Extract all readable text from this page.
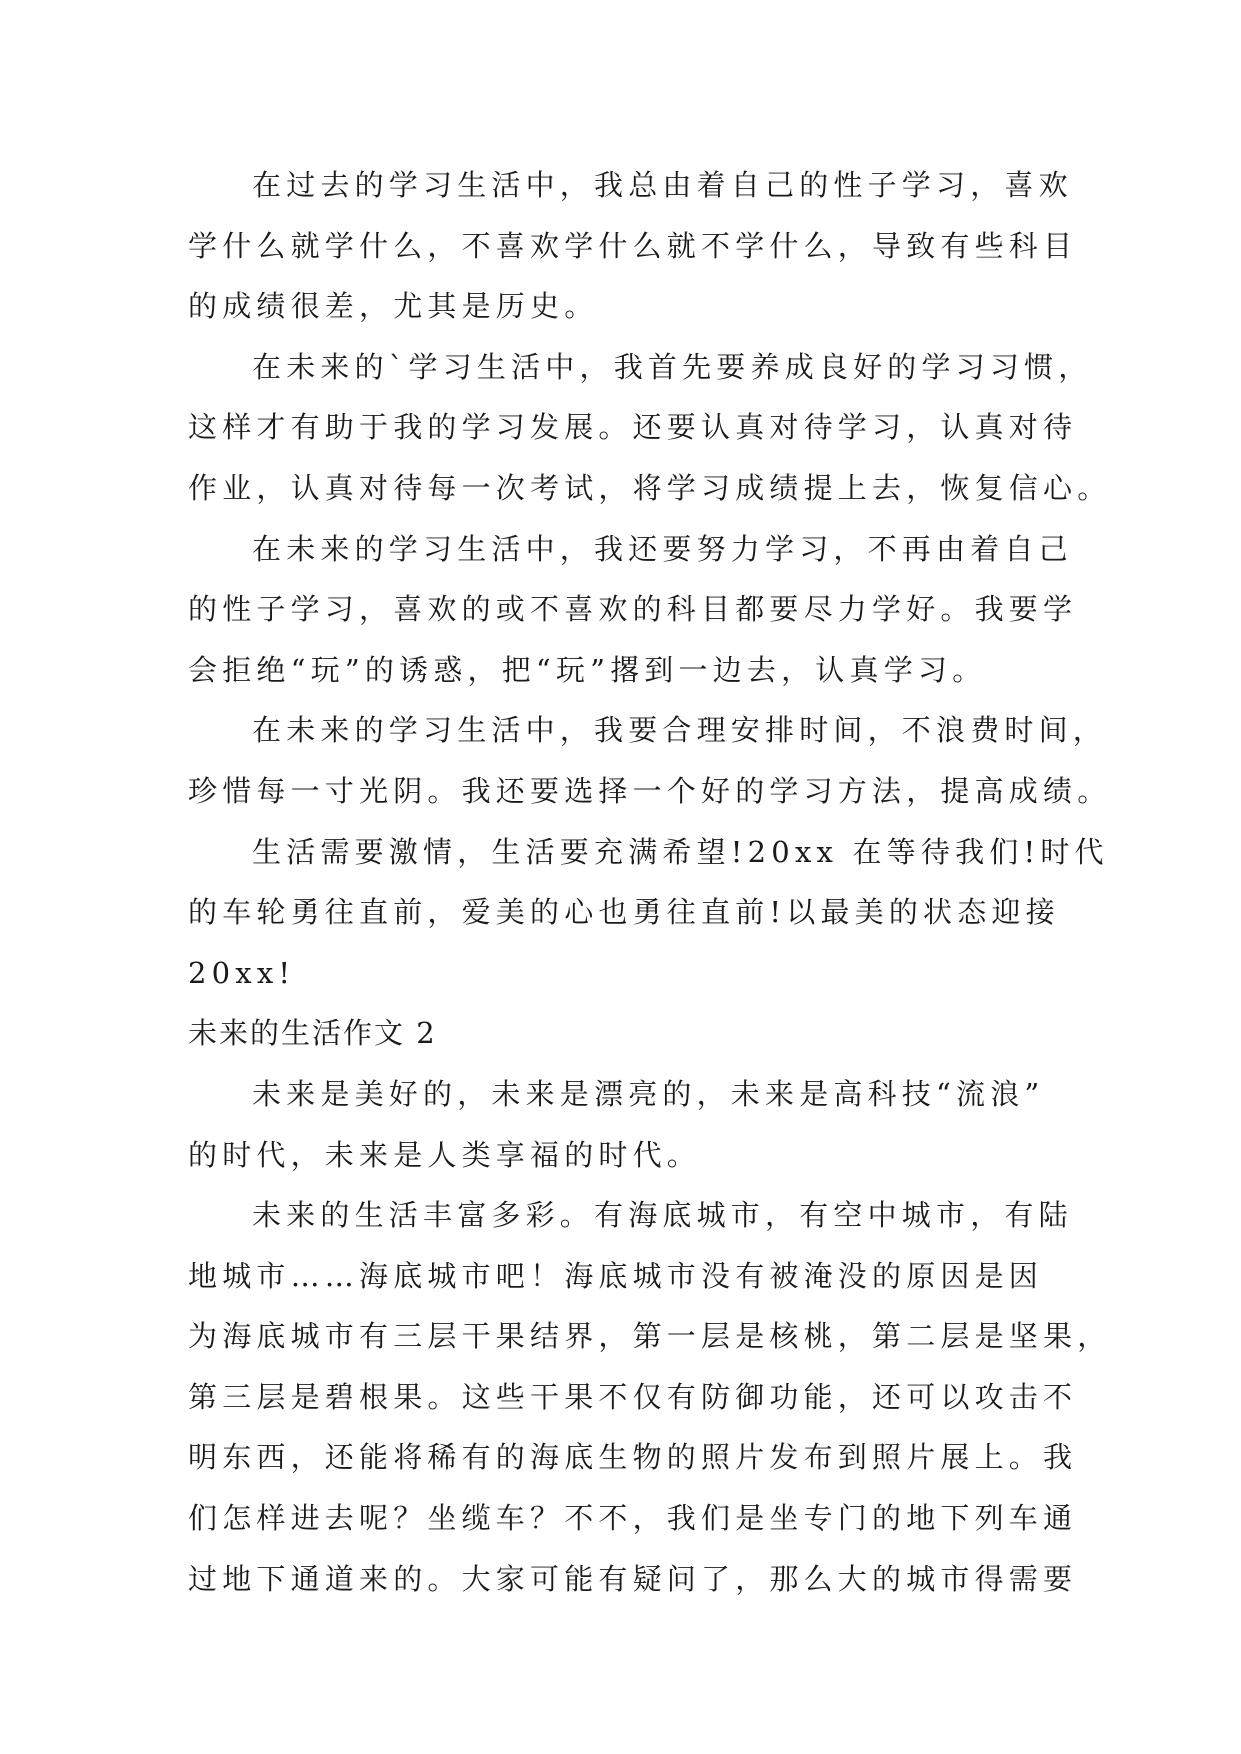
在过去的学习生活中，我总由着自己的性子学习，喜欢
学什么就学什么，不喜欢学什么就不学什么，导致有些科目
的成绩很差，尤其是历史。
在未来的`学习生活中，我首先要养成良好的学习习惯，
这样才有助于我的学习发展。还要认真对待学习，认真对待
作业，认真对待每一次考试，将学习成绩提上去，恢复信心。
在未来的学习生活中，我还要努力学习，不再由着自己
的性子学习，喜欢的或不喜欢的科目都要尽力学好。我要学
会拒绝“玩”的诱惑，把“玩”撂到一边去，认真学习。
在未来的学习生活中，我要合理安排时间，不浪费时间，
珍惜每一寸光阴。我还要选择一个好的学习方法，提高成绩。
生活需要激情，生活要充满希望!20xx 在等待我们!时代
的车轮勇往直前，爱美的心也勇往直前!以最美的状态迎接
20xx!
未来的生活作文 2
未来是美好的，未来是漂亮的，未来是高科技“流浪”
的时代，未来是人类享福的时代。
未来的生活丰富多彩。有海底城市，有空中城市，有陆
地城市……海底城市吧！海底城市没有被淹没的原因是因
为海底城市有三层干果结界，第一层是核桃，第二层是坚果，
第三层是碧根果。这些干果不仅有防御功能，还可以攻击不
明东西，还能将稀有的海底生物的照片发布到照片展上。我
们怎样进去呢？坐缆车？不不，我们是坐专门的地下列车通
过地下通道来的。大家可能有疑问了，那么大的城市得需要
